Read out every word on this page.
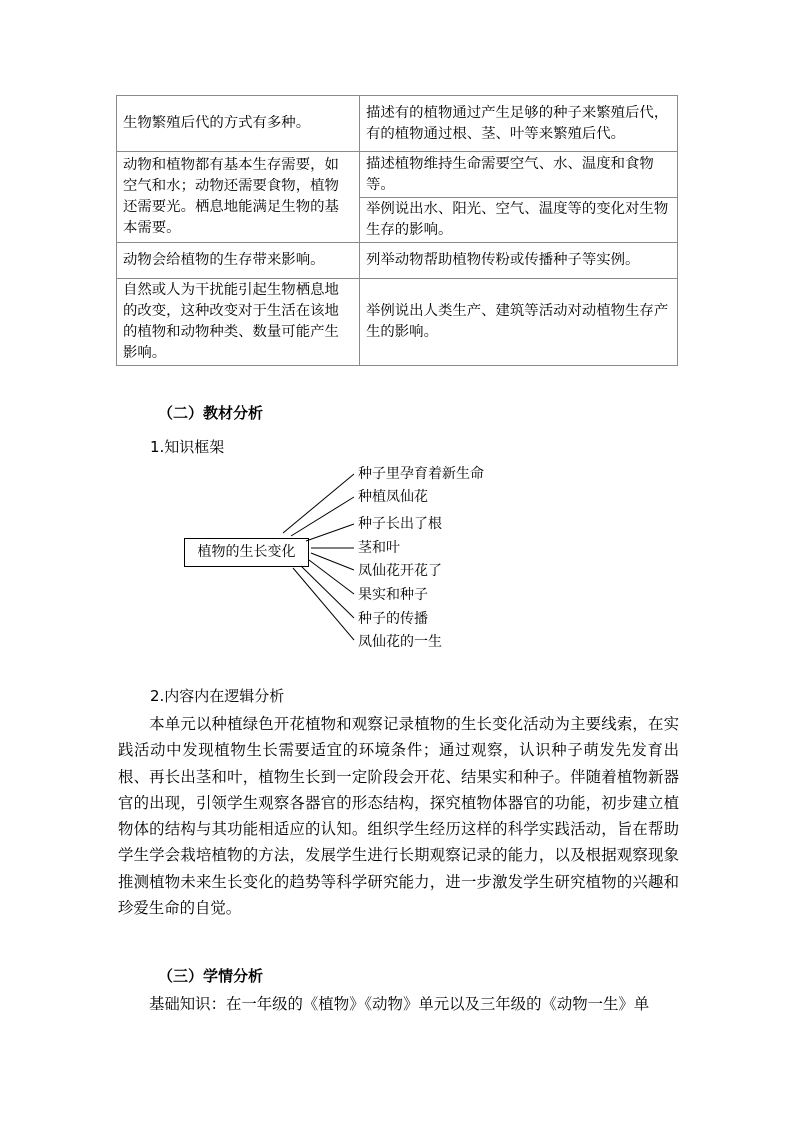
生物繁殖后代的方式有多种。	描述有的植物通过产生足够的种子来繁殖后代，有的植物通过根、茎、叶等来繁殖后代。
动物和植物都有基本生存需要，如空气和水；动物还需要食物，植物还需要光。栖息地能满足生物的基本需要。	描述植物维持生命需要空气、水、温度和食物等。
	举例说出水、阳光、空气、温度等的变化对生物生存的影响。
动物会给植物的生存带来影响。	列举动物帮助植物传粉或传播种子等实例。
自然或人为干扰能引起生物栖息地的改变，这种改变对于生活在该地的植物和动物种类、数量可能产生影响。	举例说出人类生产、建筑等活动对动植物生存产生的影响。
（二）教材分析
1.知识框架
植物的生长变化
种子里孕育着新生命
种植凤仙花
种子长出了根
茎和叶
凤仙花开花了
果实和种子
种子的传播
凤仙花的一生
2.内容内在逻辑分析

本单元以种植绿色开花植物和观察记录植物的生长变化活动为主要线索，在实践活动中发现植物生长需要适宜的环境条件；通过观察，认识种子萌发先发育出根、再长出茎和叶，植物生长到一定阶段会开花、结果实和种子。伴随着植物新器官的出现，引领学生观察各器官的形态结构，探究植物体器官的功能，初步建立植物体的结构与其功能相适应的认知。组织学生经历这样的科学实践活动，旨在帮助学生学会栽培植物的方法，发展学生进行长期观察记录的能力，以及根据观察现象推测植物未来生长变化的趋势等科学研究能力，进一步激发学生研究植物的兴趣和珍爱生命的自觉。

（三）学情分析

基础知识：在一年级的《植物》《动物》单元以及三年级的《动物一生》单
